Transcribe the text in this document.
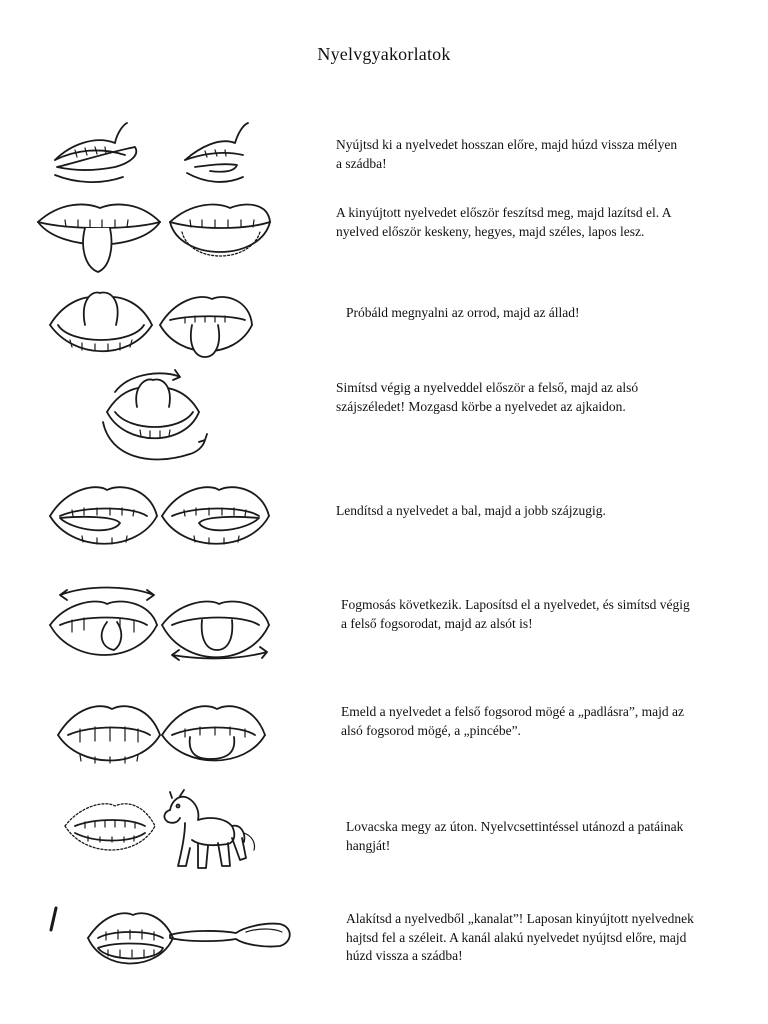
Nyelvgyakorlatok
Nyújtsd ki a nyelvedet hosszan előre, majd húzd vissza mélyen a szádba!
A kinyújtott nyelvedet először feszítsd meg, majd lazítsd el. A nyelved először keskeny, hegyes, majd széles, lapos lesz.
Próbáld megnyalni az orrod, majd az állad!
Simítsd végig a nyelveddel először a felső, majd az alsó szájszéledet! Mozgasd körbe a nyelvedet az ajkaidon.
Lendítsd a nyelvedet a bal, majd a jobb szájzugig.
Fogmosás következik. Laposítsd el a nyelvedet, és simítsd végig a felső fogsorodat, majd az alsót is!
Emeld a nyelvedet a felső fogsorod mögé a „padlásra”, majd az alsó fogsorod mögé, a „pincébe”.
Lovacska megy az úton. Nyelvcsettintéssel utánozd a patáinak hangját!
Alakítsd a nyelvedből „kanalat”! Laposan kinyújtott nyelvednek hajtsd fel a széleit. A kanál alakú nyelvedet nyújtsd előre, majd húzd vissza a szádba!
